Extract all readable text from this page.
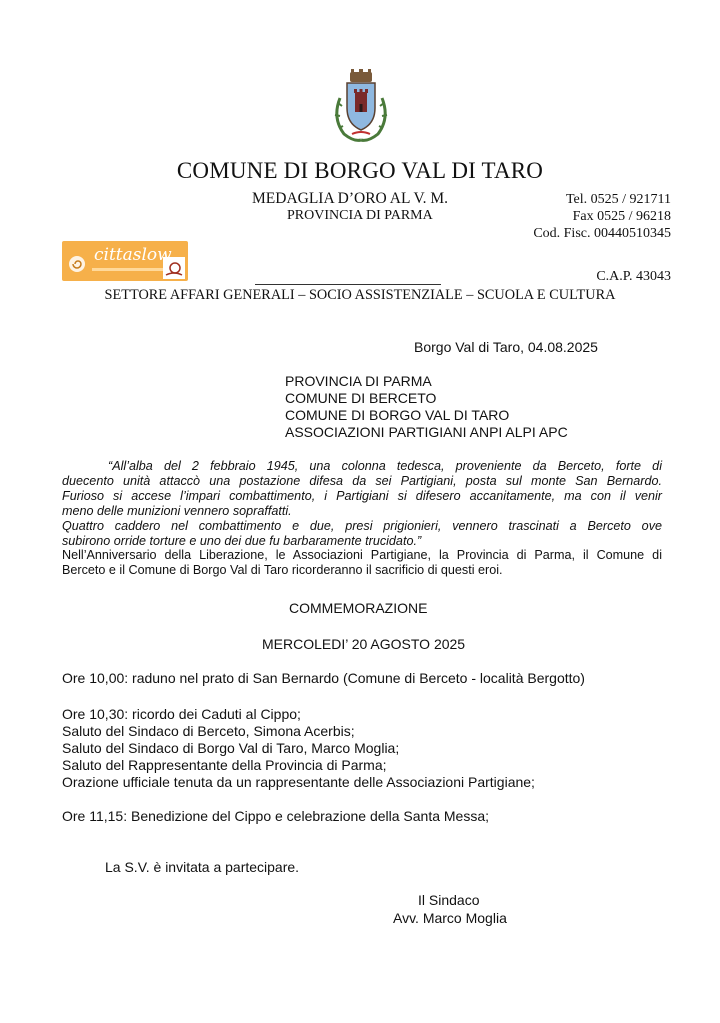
COMUNE DI BORGO VAL DI TARO
MEDAGLIA D’ORO AL V. M.
PROVINCIA DI PARMA
Tel. 0525 / 921711
Fax 0525 / 96218
Cod. Fisc. 00440510345
cittaslow
C.A.P. 43043
SETTORE AFFARI GENERALI – SOCIO ASSISTENZIALE – SCUOLA E CULTURA
Borgo Val di Taro, 04.08.2025
PROVINCIA DI PARMA
COMUNE DI BERCETO
COMUNE DI BORGO VAL DI TARO
ASSOCIAZIONI PARTIGIANI ANPI ALPI APC

“All’alba del 2 febbraio 1945, una colonna tedesca, proveniente da Berceto, forte di

duecento unità attaccò una postazione difesa da sei Partigiani, posta sul monte San Bernardo.

Furioso si accese l’impari combattimento, i Partigiani si difesero accanitamente, ma con il venir

meno delle munizioni vennero sopraffatti.

Quattro caddero nel combattimento e due, presi prigionieri, vennero trascinati a Berceto ove

subirono orride torture e uno dei due fu barbaramente trucidato.”

Nell’Anniversario della Liberazione, le Associazioni Partigiane, la Provincia di Parma, il Comune di

Berceto e il Comune di Borgo Val di Taro ricorderanno il sacrificio di questi eroi.

COMMEMORAZIONE
MERCOLEDI’ 20 AGOSTO 2025
Ore 10,00: raduno nel prato di San Bernardo (Comune di Berceto - località Bergotto)
Ore 10,30: ricordo dei Caduti al Cippo;
Saluto del Sindaco di Berceto, Simona Acerbis;
Saluto del Sindaco di Borgo Val di Taro, Marco Moglia;
Saluto del Rappresentante della Provincia di Parma;
Orazione ufficiale tenuta da un rappresentante delle Associazioni Partigiane;
Ore 11,15: Benedizione del Cippo e celebrazione della Santa Messa;
La S.V. è invitata a partecipare.
Il Sindaco
Avv. Marco Moglia
